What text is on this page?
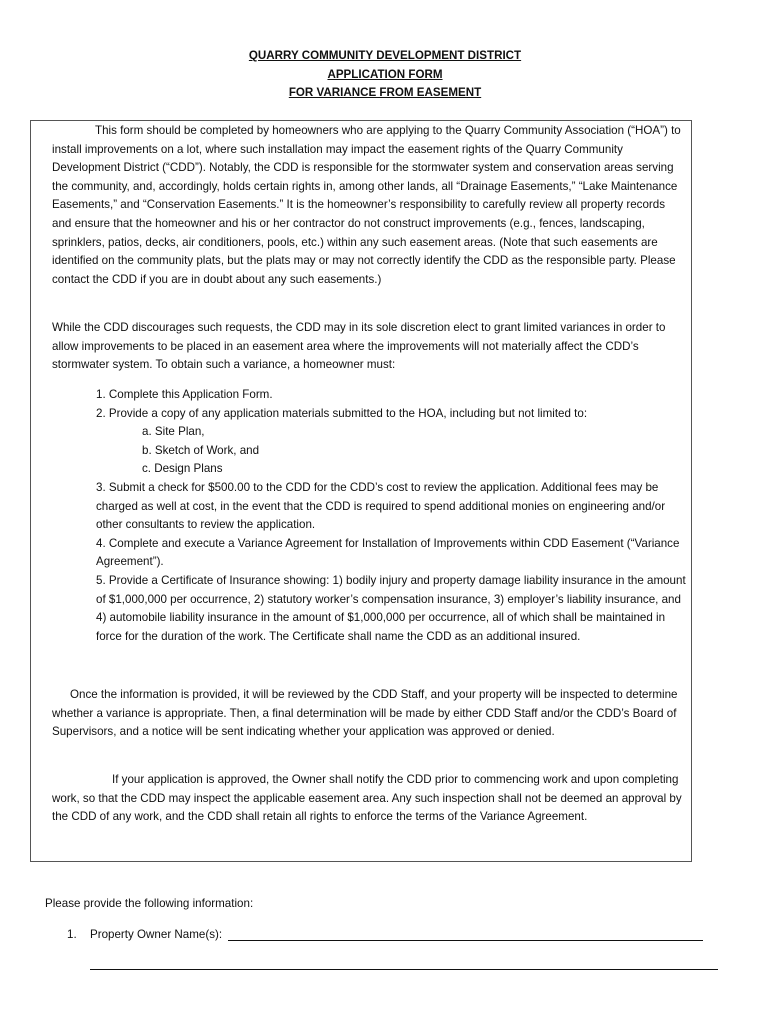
QUARRY COMMUNITY DEVELOPMENT DISTRICT
APPLICATION FORM
FOR VARIANCE FROM EASEMENT

This form should be completed by homeowners who are applying to the Quarry Community Association (“HOA”) to install improvements on a lot, where such installation may impact the easement rights of the Quarry Community Development District (“CDD”). Notably, the CDD is responsible for the stormwater system and conservation areas serving the community, and, accordingly, holds certain rights in, among other lands, all “Drainage Easements,” “Lake Maintenance Easements,” and “Conservation Easements.” It is the homeowner’s responsibility to carefully review all property records and ensure that the homeowner and his or her contractor do not construct improvements (e.g., fences, landscaping, sprinklers, patios, decks, air conditioners, pools, etc.) within any such easement areas. (Note that such easements are identified on the community plats, but the plats may or may not correctly identify the CDD as the responsible party. Please contact the CDD if you are in doubt about any such easements.)

While the CDD discourages such requests, the CDD may in its sole discretion elect to grant limited variances in order to allow improvements to be placed in an easement area where the improvements will not materially affect the CDD’s stormwater system. To obtain such a variance, a homeowner must:

1. Complete this Application Form.

2. Provide a copy of any application materials submitted to the HOA, including but not limited to:

a. Site Plan,

b. Sketch of Work, and

c. Design Plans

3. Submit a check for $500.00 to the CDD for the CDD’s cost to review the application. Additional fees may be charged as well at cost, in the event that the CDD is required to spend additional monies on engineering and/or other consultants to review the application.

4. Complete and execute a Variance Agreement for Installation of Improvements within CDD Easement (“Variance Agreement”).

5. Provide a Certificate of Insurance showing: 1) bodily injury and property damage liability insurance in the amount of $1,000,000 per occurrence, 2) statutory worker’s compensation insurance, 3) employer’s liability insurance, and 4) automobile liability insurance in the amount of $1,000,000 per occurrence, all of which shall be maintained in force for the duration of the work. The Certificate shall name the CDD as an additional insured.

Once the information is provided, it will be reviewed by the CDD Staff, and your property will be inspected to determine whether a variance is appropriate. Then, a final determination will be made by either CDD Staff and/or the CDD’s Board of Supervisors, and a notice will be sent indicating whether your application was approved or denied.

If your application is approved, the Owner shall notify the CDD prior to commencing work and upon completing work, so that the CDD may inspect the applicable easement area. Any such inspection shall not be deemed an approval by the CDD of any work, and the CDD shall retain all rights to enforce the terms of the Variance Agreement.

Please provide the following information:

1.	Property Owner Name(s):
